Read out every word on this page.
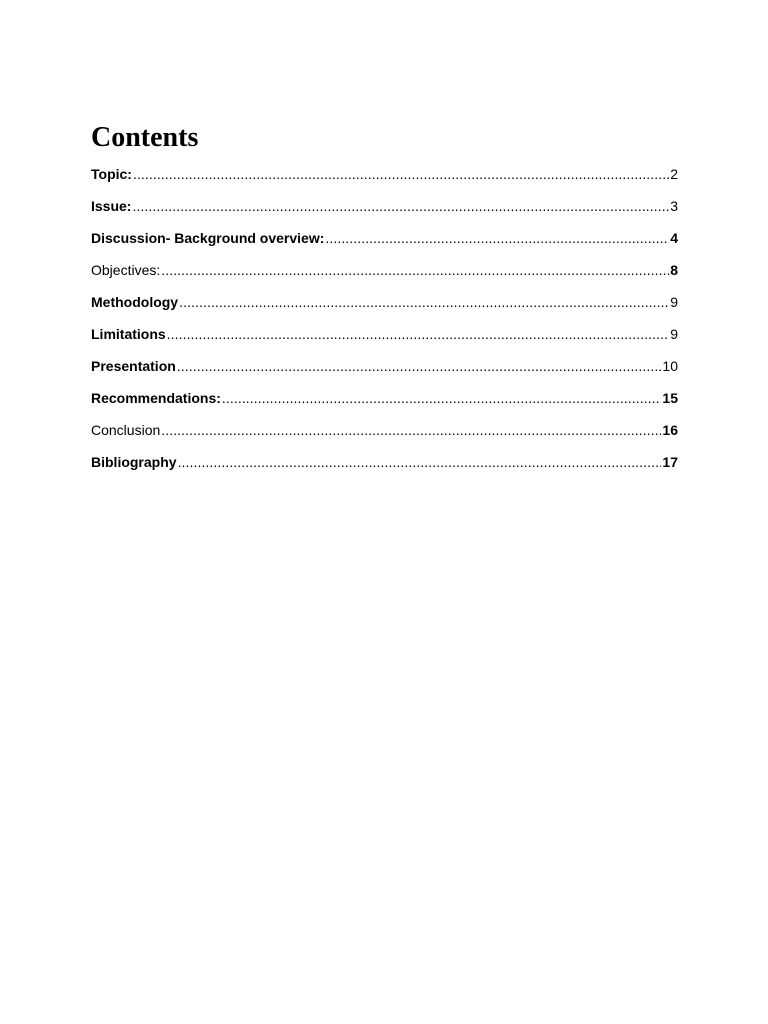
Contents
Topic: . . .	2
Issue: . . .	3
Discussion- Background overview: . . .	4
Objectives: . . .	8
Methodology . . .	9
Limitations . . .	9
Presentation . . .	10
Recommendations: . . .	15
Conclusion . . .	16
Bibliography . . .	17
